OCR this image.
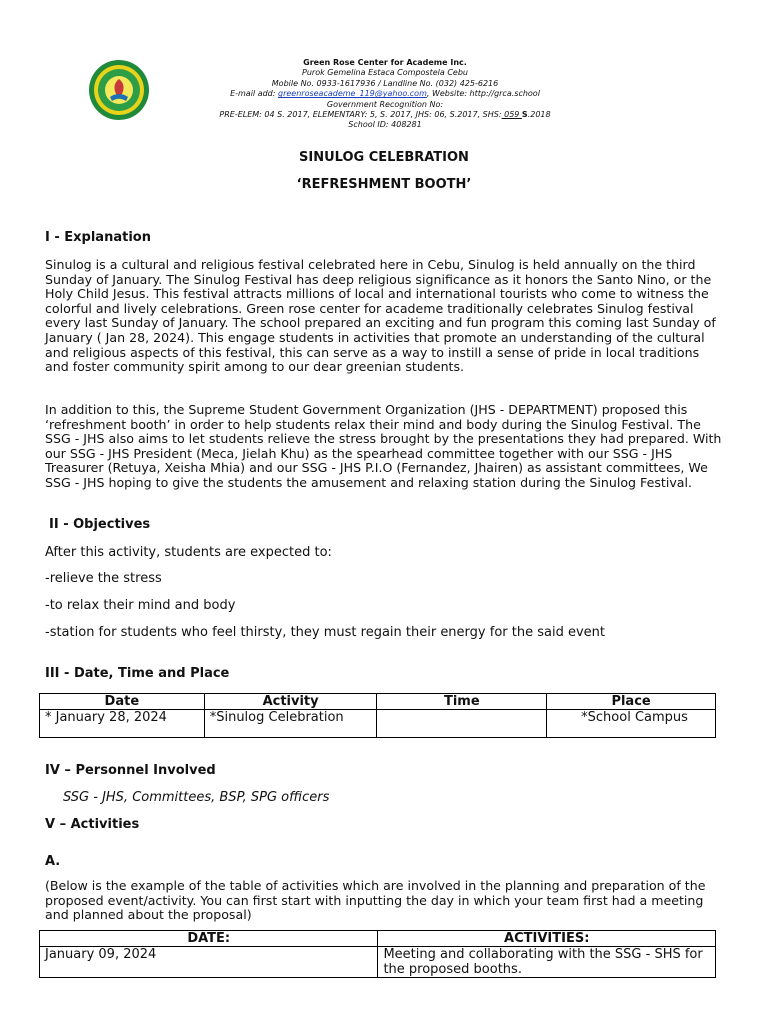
Green Rose Center for Academe Inc.
Purok Gemelina Estaca Compostela Cebu
Mobile No. 0933-1617936 / Landline No. (032) 425-6216
E-mail add: greenroseacademe_119@yahoo.com, Website: http://grca.school
Government Recognition No:
PRE-ELEM: 04 S. 2017, ELEMENTARY: 5, S. 2017, JHS: 06, S.2017, SHS: 059 S.2018
School ID: 408281
SINULOG CELEBRATION
‘REFRESHMENT BOOTH’
I - Explanation

Sinulog is a cultural and religious festival celebrated here in Cebu, Sinulog is held annually on the third Sunday of January. The Sinulog Festival has deep religious significance as it honors the Santo Nino, or the Holy Child Jesus. This festival attracts millions of local and international tourists who come to witness the colorful and lively celebrations. Green rose center for academe traditionally celebrates Sinulog festival every last Sunday of January. The school prepared an exciting and fun program this coming last Sunday of January ( Jan 28, 2024). This engage students in activities that promote an understanding of the cultural and religious aspects of this festival, this can serve as a way to instill a sense of pride in local traditions and foster community spirit among to our dear greenian students.

In addition to this, the Supreme Student Government Organization (JHS - DEPARTMENT) proposed this ‘refreshment booth’ in order to help students relax their mind and body during the Sinulog Festival. The SSG - JHS also aims to let students relieve the stress brought by the presentations they had prepared. With our SSG - JHS President (Meca, Jielah Khu) as the spearhead committee together with our SSG - JHS Treasurer (Retuya, Xeisha Mhia) and our SSG - JHS P.I.O (Fernandez, Jhairen) as assistant committees, We SSG - JHS hoping to give the students the amusement and relaxing station during the Sinulog Festival.

II - Objectives
After this activity, students are expected to:
-relieve the stress
-to relax their mind and body
-station for students who feel thirsty, they must regain their energy for the said event
III - Date, Time and Place
Date	Activity	Time	Place
* January 28, 2024	*Sinulog Celebration		*School Campus
IV – Personnel Involved
SSG - JHS, Committees, BSP, SPG officers
V – Activities
A.

(Below is the example of the table of activities which are involved in the planning and preparation of the proposed event/activity. You can first start with inputting the day in which your team first had a meeting and planned about the proposal)

DATE:	ACTIVITIES:
January 09, 2024	Meeting and collaborating with the SSG - SHS for the proposed booths.
